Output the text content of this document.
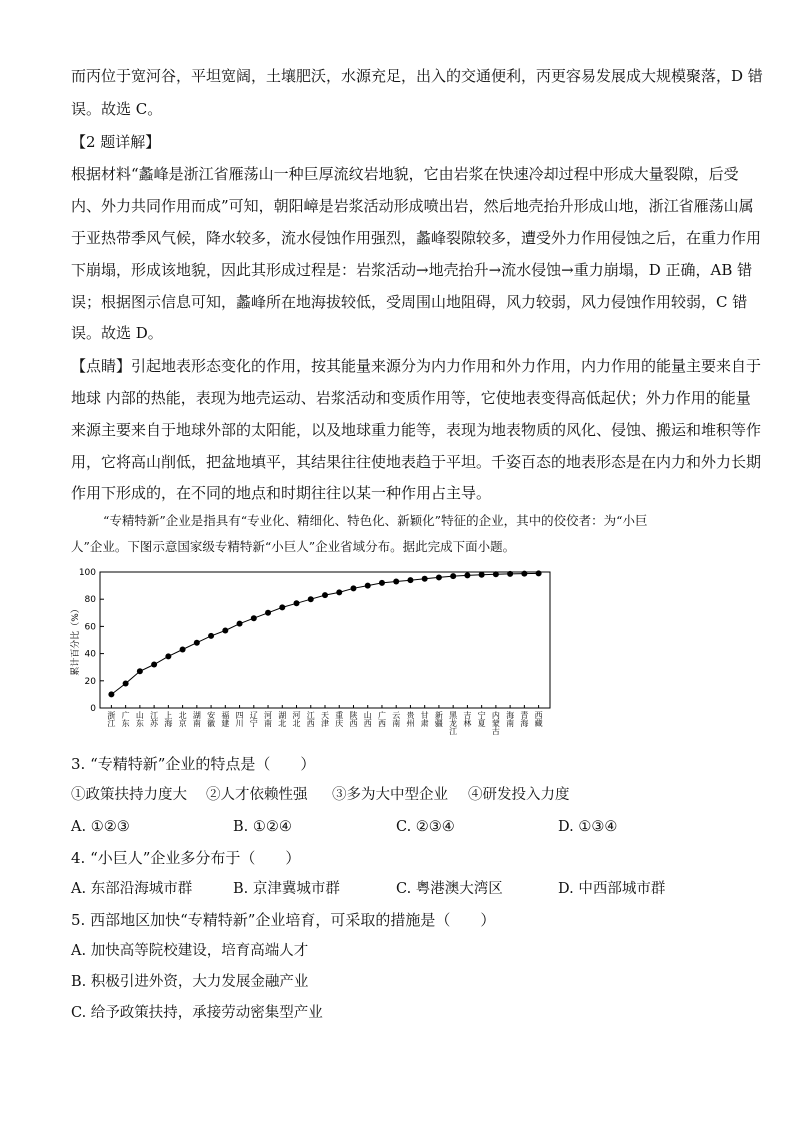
而丙位于宽河谷，平坦宽阔，土壤肥沃，水源充足，出入的交通便利，丙更容易发展成大规模聚落，D 错
误。故选 C。
【2 题详解】
根据材料“蠡峰是浙江省雁荡山一种巨厚流纹岩地貌，它由岩浆在快速冷却过程中形成大量裂隙，后受
内、外力共同作用而成”可知，朝阳嶂是岩浆活动形成喷出岩，然后地壳抬升形成山地，浙江省雁荡山属
于亚热带季风气候，降水较多，流水侵蚀作用强烈，蠡峰裂隙较多，遭受外力作用侵蚀之后，在重力作用
下崩塌，形成该地貌，因此其形成过程是：岩浆活动→地壳抬升→流水侵蚀→重力崩塌，D 正确，AB 错
误；根据图示信息可知，蠡峰所在地海拔较低，受周围山地阻碍，风力较弱，风力侵蚀作用较弱，C 错
误。故选 D。
【点睛】引起地表形态变化的作用，按其能量来源分为内力作用和外力作用，内力作用的能量主要来自于
地球 内部的热能，表现为地壳运动、岩浆活动和变质作用等，它使地表变得高低起伏；外力作用的能量
来源主要来自于地球外部的太阳能，以及地球重力能等，表现为地表物质的风化、侵蚀、搬运和堆积等作
用，它将高山削低，把盆地填平，其结果往往使地表趋于平坦。千姿百态的地表形态是在内力和外力长期
作用下形成的，在不同的地点和时期往往以某一种作用占主导。
“专精特新”企业是指具有“专业化、精细化、特色化、新颖化”特征的企业，其中的佼佼者：为“小巨
人”企业。下图示意国家级专精特新“小巨人”企业省域分布。据此完成下面小题。
累计百分比（%）
0
20
40
60
80
100
浙江 广东 山东 江苏 上海 北京 湖南 安徽 福建 四川 辽宁 河南 湖北 河北 江西 天津 重庆 陕西 山西 广西 云南 贵州 甘肃 新疆 黑龙江 吉林 宁夏 内蒙古 海南 青海 西藏
3. “专精特新”企业的特点是（　　）
①政策扶持力度大 ②人才依赖性强 ③多为大中型企业 ④研发投入力度
A. ①②③	B. ①②④	C. ②③④	D. ①③④
4. “小巨人”企业多分布于（　　）
A. 东部沿海城市群	B. 京津冀城市群	C. 粤港澳大湾区	D. 中西部城市群
5. 西部地区加快“专精特新”企业培育，可采取的措施是（　　）
A. 加快高等院校建设，培育高端人才
B. 积极引进外资，大力发展金融产业
C. 给予政策扶持，承接劳动密集型产业
